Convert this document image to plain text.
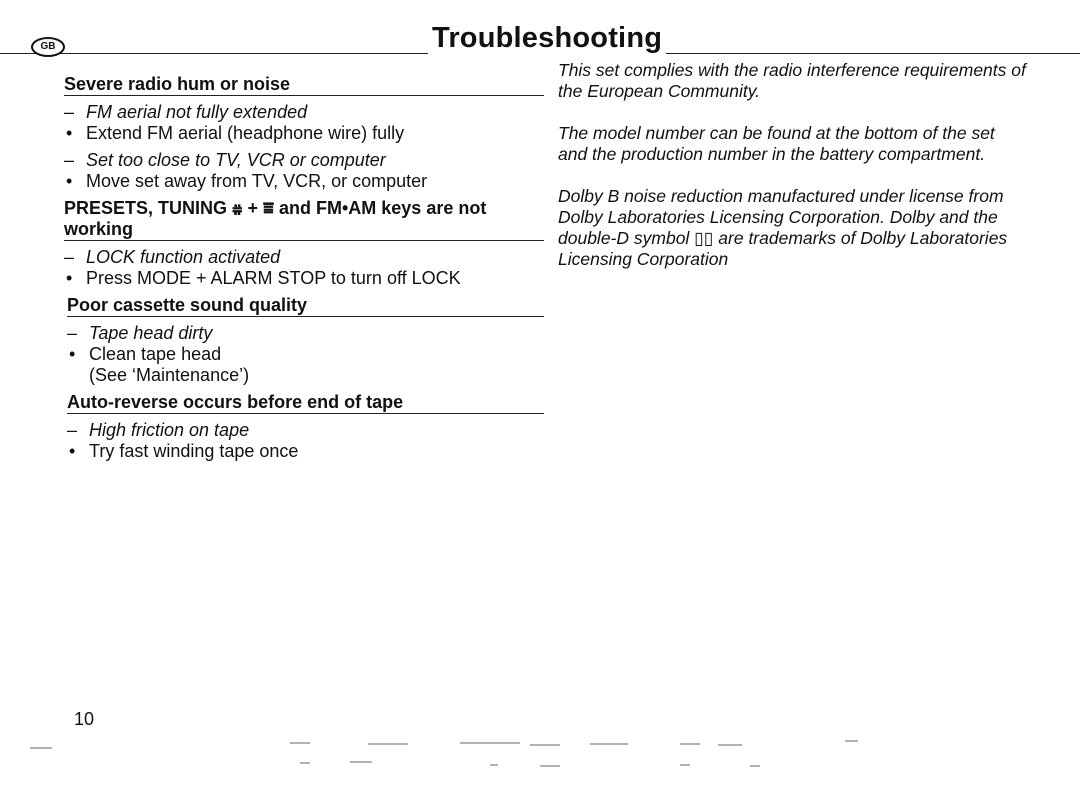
GB	Troubleshooting
Severe radio hum or noise

– FM aerial not fully extended

• Extend FM aerial (headphone wire) fully

– Set too close to TV, VCR or computer

• Move set away from TV, VCR, or computer

PRESETS, TUNING ⩷ + ⩸ and FM•AM keys are not working

– LOCK function activated

• Press MODE + ALARM STOP to turn off LOCK

Poor cassette sound quality

– Tape head dirty

• Clean tape head

(See ‘Maintenance’)

Auto-reverse occurs before end of tape

– High friction on tape

• Try fast winding tape once

This set complies with the radio interference requirements of the European Community.

The model number can be found at the bottom of the set and the production number in the battery compartment.

Dolby B noise reduction manufactured under license from Dolby Laboratories Licensing Corporation. Dolby and the double-D symbol ▯▯ are trademarks of Dolby Laboratories Licensing Corporation

10
